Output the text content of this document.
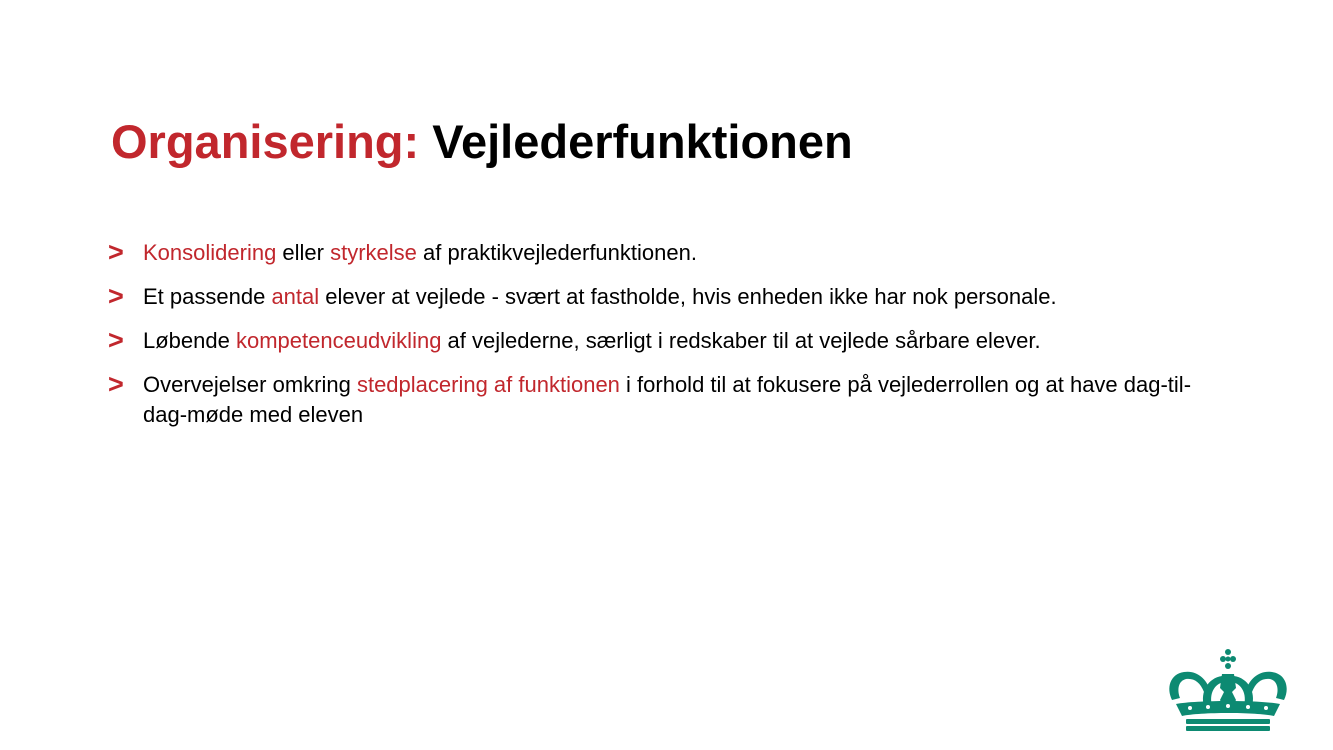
Organisering: Vejlederfunktionen
> Konsolidering eller styrkelse af praktikvejlederfunktionen.
> Et passende antal elever at vejlede - svært at fastholde, hvis enheden ikke har nok personale.
> Løbende kompetenceudvikling af vejlederne, særligt i redskaber til at vejlede sårbare elever.
> Overvejelser omkring stedplacering af funktionen i forhold til at fokusere på vejlederrollen og at have dag-til-dag-møde med eleven
